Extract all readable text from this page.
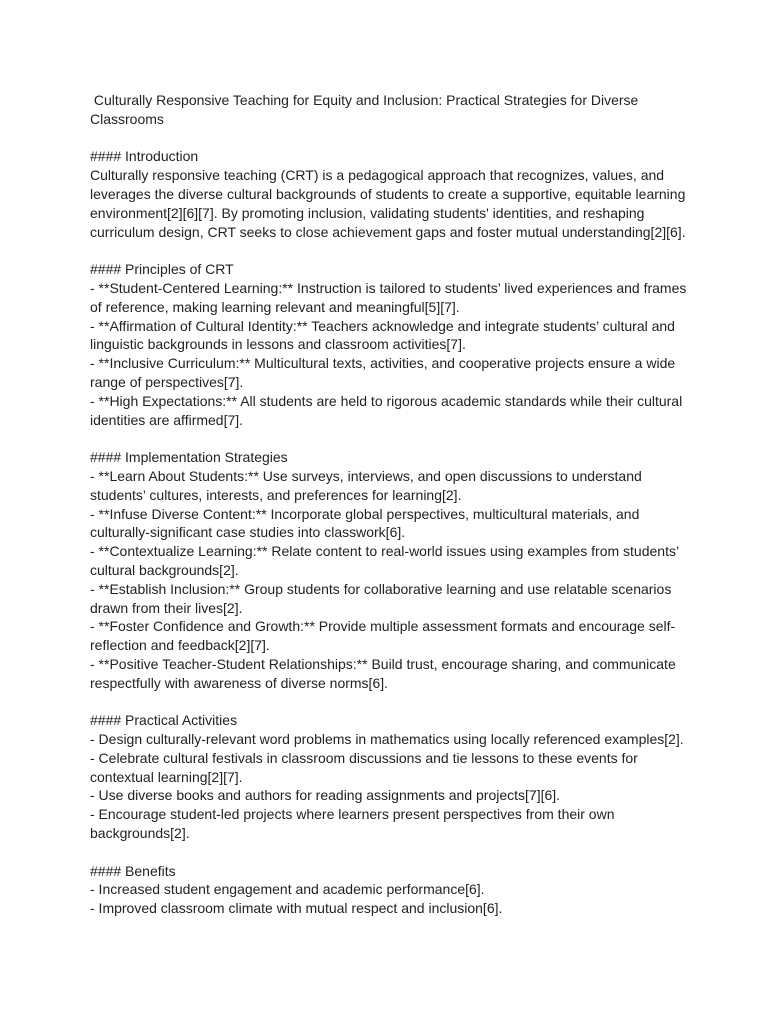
Culturally Responsive Teaching for Equity and Inclusion: Practical Strategies for Diverse Classrooms

#### Introduction

Culturally responsive teaching (CRT) is a pedagogical approach that recognizes, values, and leverages the diverse cultural backgrounds of students to create a supportive, equitable learning environment[2][6][7]. By promoting inclusion, validating students' identities, and reshaping curriculum design, CRT seeks to close achievement gaps and foster mutual understanding[2][6].

#### Principles of CRT

- **Student-Centered Learning:** Instruction is tailored to students’ lived experiences and frames of reference, making learning relevant and meaningful[5][7].

- **Affirmation of Cultural Identity:** Teachers acknowledge and integrate students’ cultural and linguistic backgrounds in lessons and classroom activities[7].

- **Inclusive Curriculum:** Multicultural texts, activities, and cooperative projects ensure a wide range of perspectives[7].

- **High Expectations:** All students are held to rigorous academic standards while their cultural identities are affirmed[7].

#### Implementation Strategies

- **Learn About Students:** Use surveys, interviews, and open discussions to understand students’ cultures, interests, and preferences for learning[2].

- **Infuse Diverse Content:** Incorporate global perspectives, multicultural materials, and culturally-significant case studies into classwork[6].

- **Contextualize Learning:** Relate content to real-world issues using examples from students’ cultural backgrounds[2].

- **Establish Inclusion:** Group students for collaborative learning and use relatable scenarios drawn from their lives[2].

- **Foster Confidence and Growth:** Provide multiple assessment formats and encourage self-reflection and feedback[2][7].

- **Positive Teacher-Student Relationships:** Build trust, encourage sharing, and communicate respectfully with awareness of diverse norms[6].

#### Practical Activities

- Design culturally-relevant word problems in mathematics using locally referenced examples[2].

- Celebrate cultural festivals in classroom discussions and tie lessons to these events for contextual learning[2][7].

- Use diverse books and authors for reading assignments and projects[7][6].

- Encourage student-led projects where learners present perspectives from their own backgrounds[2].

#### Benefits

- Increased student engagement and academic performance[6].

- Improved classroom climate with mutual respect and inclusion[6].
